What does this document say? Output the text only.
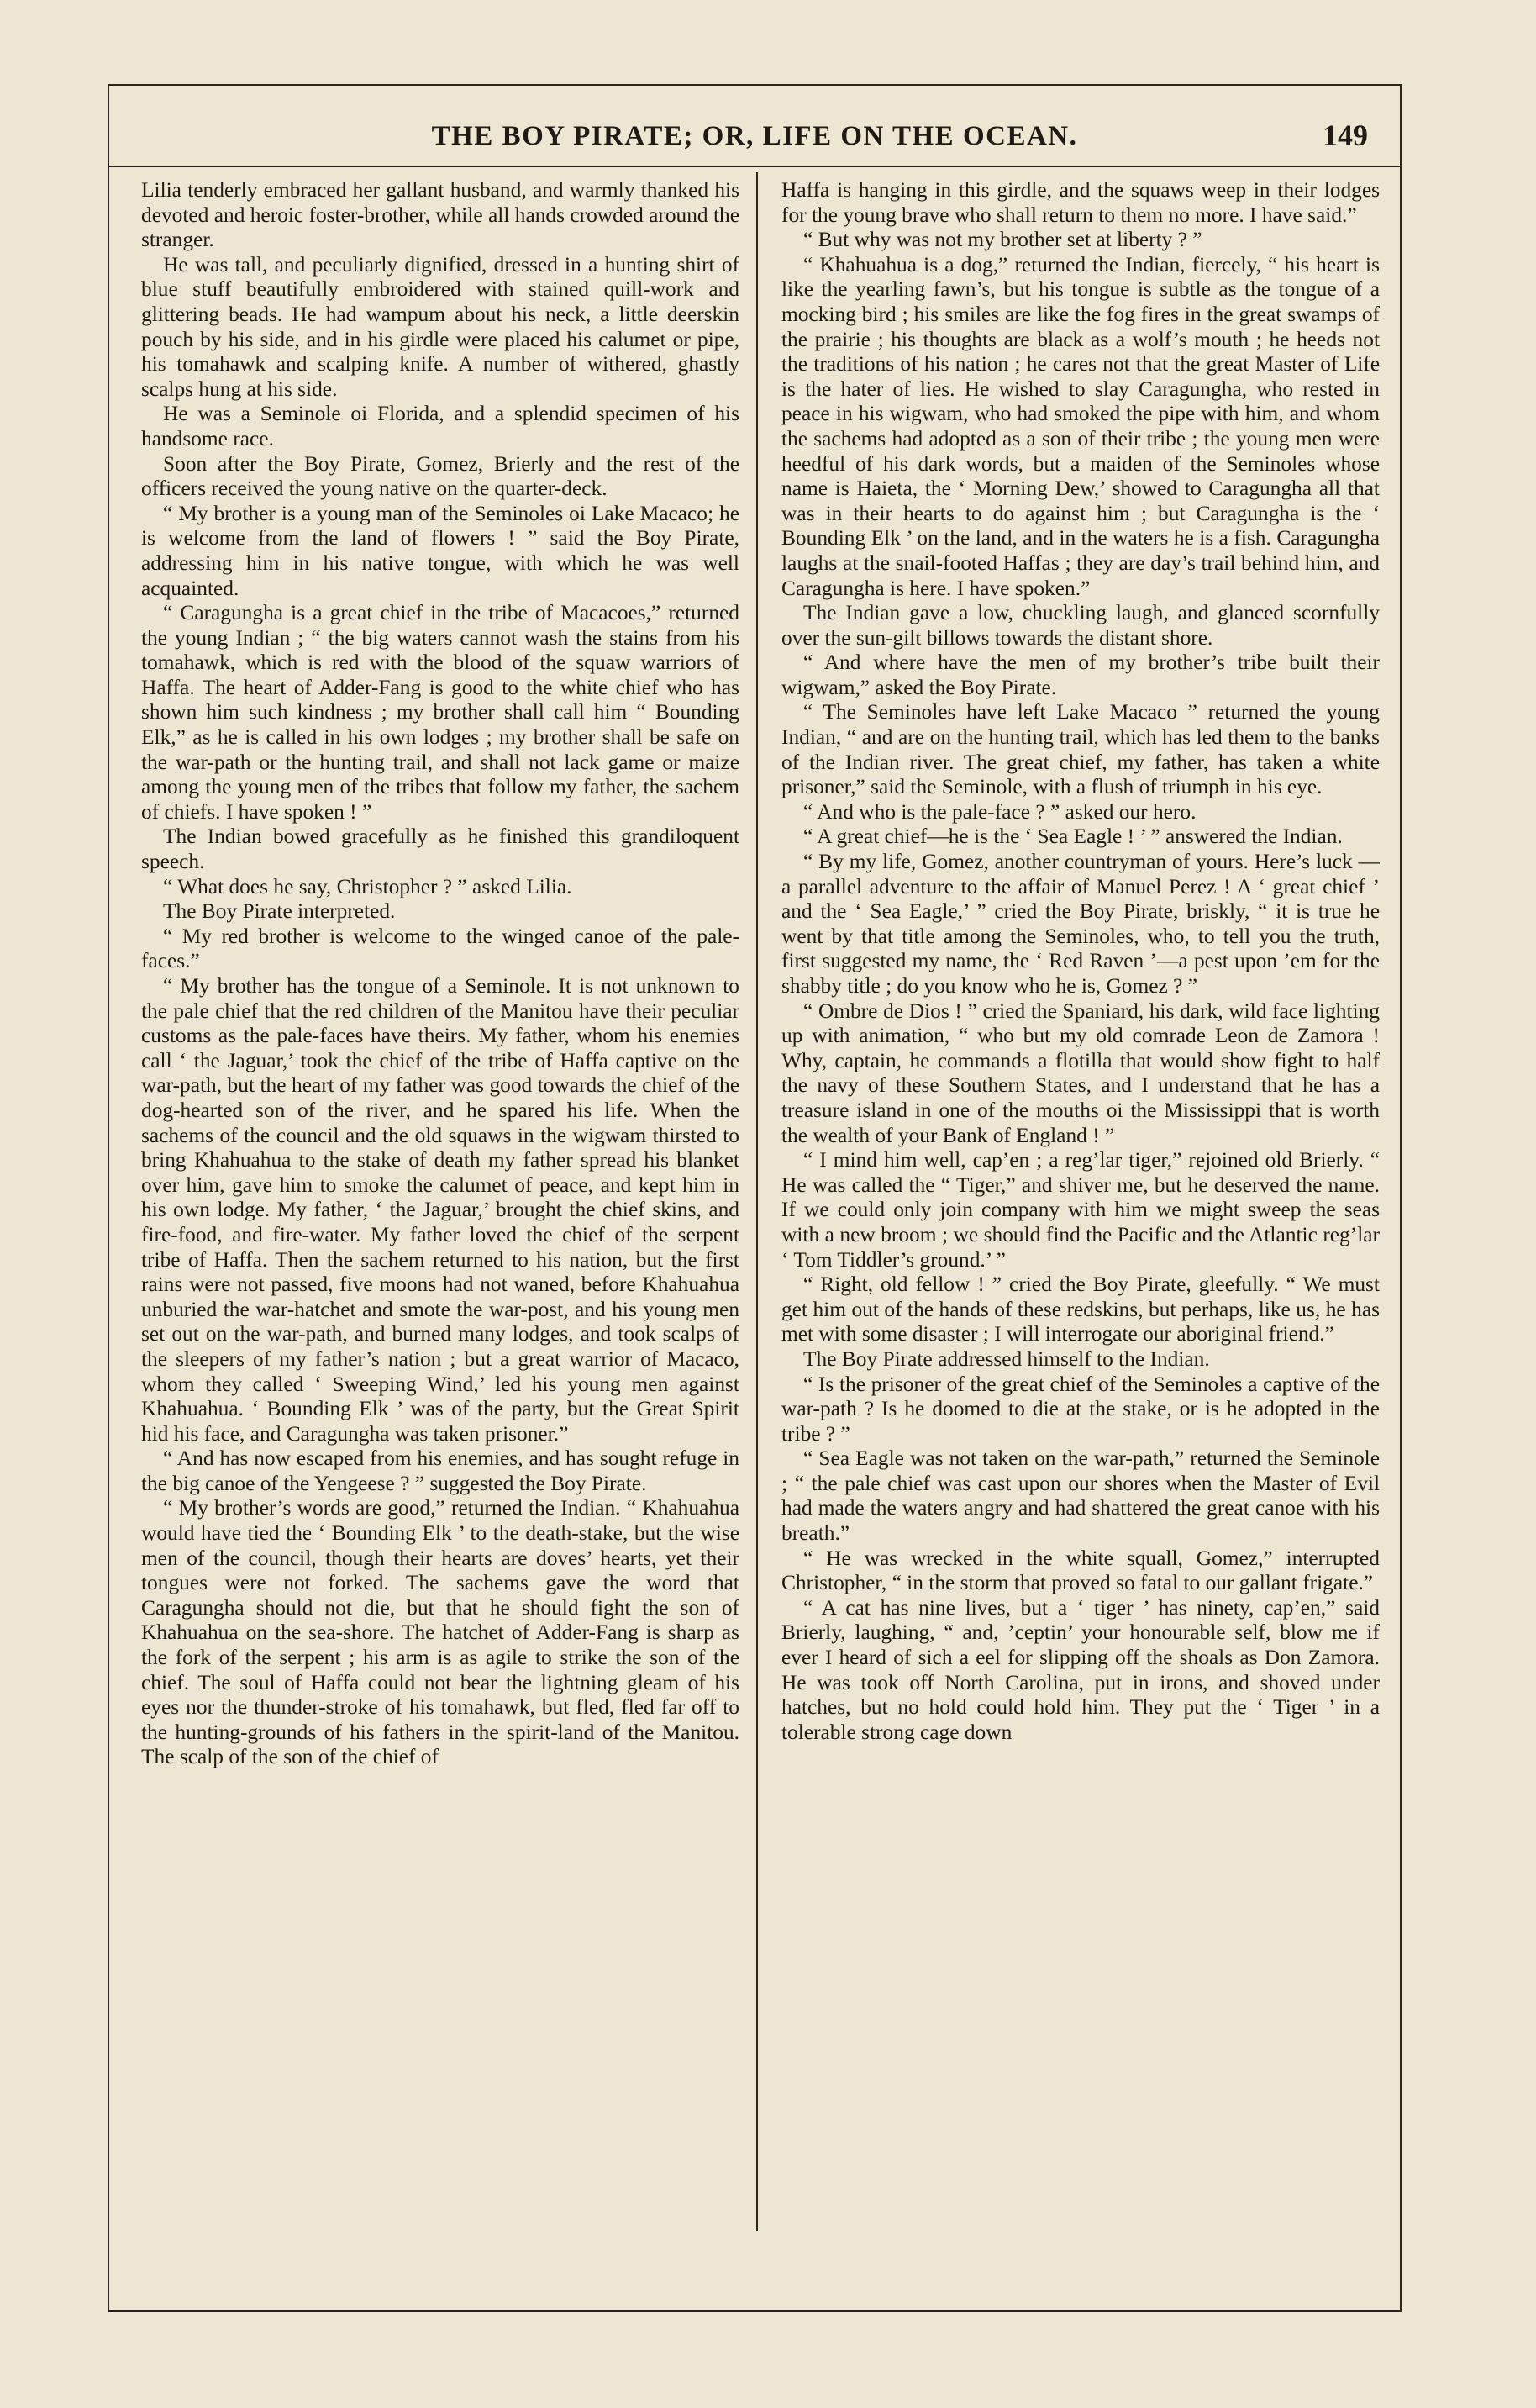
THE BOY PIRATE; OR, LIFE ON THE OCEAN.	149

Lilia tenderly embraced her gallant husband, and warmly thanked his devoted and heroic foster-brother, while all hands crowded around the stranger.

He was tall, and peculiarly dignified, dressed in a hunting shirt of blue stuff beautifully embroidered with stained quill-work and glittering beads. He had wampum about his neck, a little deerskin pouch by his side, and in his girdle were placed his calumet or pipe, his tomahawk and scalping knife. A number of withered, ghastly scalps hung at his side.

He was a Seminole oi Florida, and a splendid specimen of his handsome race.

Soon after the Boy Pirate, Gomez, Brierly and the rest of the officers received the young native on the quarter-deck.

“ My brother is a young man of the Seminoles oi Lake Macaco; he is welcome from the land of flowers ! ” said the Boy Pirate, addressing him in his native tongue, with which he was well acquainted.

“ Caragungha is a great chief in the tribe of Macacoes,” returned the young Indian ; “ the big waters cannot wash the stains from his tomahawk, which is red with the blood of the squaw warriors of Haffa. The heart of Adder-Fang is good to the white chief who has shown him such kindness ; my brother shall call him “ Bounding Elk,” as he is called in his own lodges ; my brother shall be safe on the war-path or the hunting trail, and shall not lack game or maize among the young men of the tribes that follow my father, the sachem of chiefs. I have spoken ! ”

The Indian bowed gracefully as he finished this grandiloquent speech.

“ What does he say, Christopher ? ” asked Lilia.

The Boy Pirate interpreted.

“ My red brother is welcome to the winged canoe of the pale-faces.”

“ My brother has the tongue of a Seminole. It is not unknown to the pale chief that the red children of the Manitou have their peculiar customs as the pale-faces have theirs. My father, whom his enemies call ‘ the Jaguar,’ took the chief of the tribe of Haffa captive on the war-path, but the heart of my father was good towards the chief of the dog-hearted son of the river, and he spared his life. When the sachems of the council and the old squaws in the wigwam thirsted to bring Khahuahua to the stake of death my father spread his blanket over him, gave him to smoke the calumet of peace, and kept him in his own lodge. My father, ‘ the Jaguar,’ brought the chief skins, and fire-food, and fire-water. My father loved the chief of the serpent tribe of Haffa. Then the sachem returned to his nation, but the first rains were not passed, five moons had not waned, before Khahuahua unburied the war-hatchet and smote the war-post, and his young men set out on the war-path, and burned many lodges, and took scalps of the sleepers of my father’s nation ; but a great warrior of Macaco, whom they called ‘ Sweeping Wind,’ led his young men against Khahuahua. ‘ Bounding Elk ’ was of the party, but the Great Spirit hid his face, and Caragungha was taken prisoner.”

“ And has now escaped from his enemies, and has sought refuge in the big canoe of the Yengeese ? ” suggested the Boy Pirate.

“ My brother’s words are good,” returned the Indian. “ Khahuahua would have tied the ‘ Bounding Elk ’ to the death-stake, but the wise men of the council, though their hearts are doves’ hearts, yet their tongues were not forked. The sachems gave the word that Caragungha should not die, but that he should fight the son of Khahuahua on the sea-shore. The hatchet of Adder-Fang is sharp as the fork of the serpent ; his arm is as agile to strike the son of the chief. The soul of Haffa could not bear the lightning gleam of his eyes nor the thunder-stroke of his tomahawk, but fled, fled far off to the hunting-grounds of his fathers in the spirit-land of the Manitou. The scalp of the son of the chief of

Haffa is hanging in this girdle, and the squaws weep in their lodges for the young brave who shall return to them no more. I have said.”

“ But why was not my brother set at liberty ? ”

“ Khahuahua is a dog,” returned the Indian, fiercely, “ his heart is like the yearling fawn’s, but his tongue is subtle as the tongue of a mocking bird ; his smiles are like the fog fires in the great swamps of the prairie ; his thoughts are black as a wolf’s mouth ; he heeds not the traditions of his nation ; he cares not that the great Master of Life is the hater of lies. He wished to slay Caragungha, who rested in peace in his wigwam, who had smoked the pipe with him, and whom the sachems had adopted as a son of their tribe ; the young men were heedful of his dark words, but a maiden of the Seminoles whose name is Haieta, the ‘ Morning Dew,’ showed to Caragungha all that was in their hearts to do against him ; but Caragungha is the ‘ Bounding Elk ’ on the land, and in the waters he is a fish. Caragungha laughs at the snail-footed Haffas ; they are day’s trail behind him, and Caragungha is here. I have spoken.”

The Indian gave a low, chuckling laugh, and glanced scornfully over the sun-gilt billows towards the distant shore.

“ And where have the men of my brother’s tribe built their wigwam,” asked the Boy Pirate.

“ The Seminoles have left Lake Macaco ” returned the young Indian, “ and are on the hunting trail, which has led them to the banks of the Indian river. The great chief, my father, has taken a white prisoner,” said the Seminole, with a flush of triumph in his eye.

“ And who is the pale-face ? ” asked our hero.

“ A great chief—he is the ‘ Sea Eagle ! ’ ” answered the Indian.

“ By my life, Gomez, another countryman of yours. Here’s luck — a parallel adventure to the affair of Manuel Perez ! A ‘ great chief ’ and the ‘ Sea Eagle,’ ” cried the Boy Pirate, briskly, “ it is true he went by that title among the Seminoles, who, to tell you the truth, first suggested my name, the ‘ Red Raven ’—a pest upon ’em for the shabby title ; do you know who he is, Gomez ? ”

“ Ombre de Dios ! ” cried the Spaniard, his dark, wild face lighting up with animation, “ who but my old comrade Leon de Zamora ! Why, captain, he commands a flotilla that would show fight to half the navy of these Southern States, and I understand that he has a treasure island in one of the mouths oi the Mississippi that is worth the wealth of your Bank of England ! ”

“ I mind him well, cap’en ; a reg’lar tiger,” rejoined old Brierly. “ He was called the “ Tiger,” and shiver me, but he deserved the name. If we could only join company with him we might sweep the seas with a new broom ; we should find the Pacific and the Atlantic reg’lar ‘ Tom Tiddler’s ground.’ ”

“ Right, old fellow ! ” cried the Boy Pirate, gleefully. “ We must get him out of the hands of these redskins, but perhaps, like us, he has met with some disaster ; I will interrogate our aboriginal friend.”

The Boy Pirate addressed himself to the Indian.

“ Is the prisoner of the great chief of the Seminoles a captive of the war-path ? Is he doomed to die at the stake, or is he adopted in the tribe ? ”

“ Sea Eagle was not taken on the war-path,” returned the Seminole ; “ the pale chief was cast upon our shores when the Master of Evil had made the waters angry and had shattered the great canoe with his breath.”

“ He was wrecked in the white squall, Gomez,” interrupted Christopher, “ in the storm that proved so fatal to our gallant frigate.”

“ A cat has nine lives, but a ‘ tiger ’ has ninety, cap’en,” said Brierly, laughing, “ and, ’ceptin’ your honourable self, blow me if ever I heard of sich a eel for slipping off the shoals as Don Zamora. He was took off North Carolina, put in irons, and shoved under hatches, but no hold could hold him. They put the ‘ Tiger ’ in a tolerable strong cage down
